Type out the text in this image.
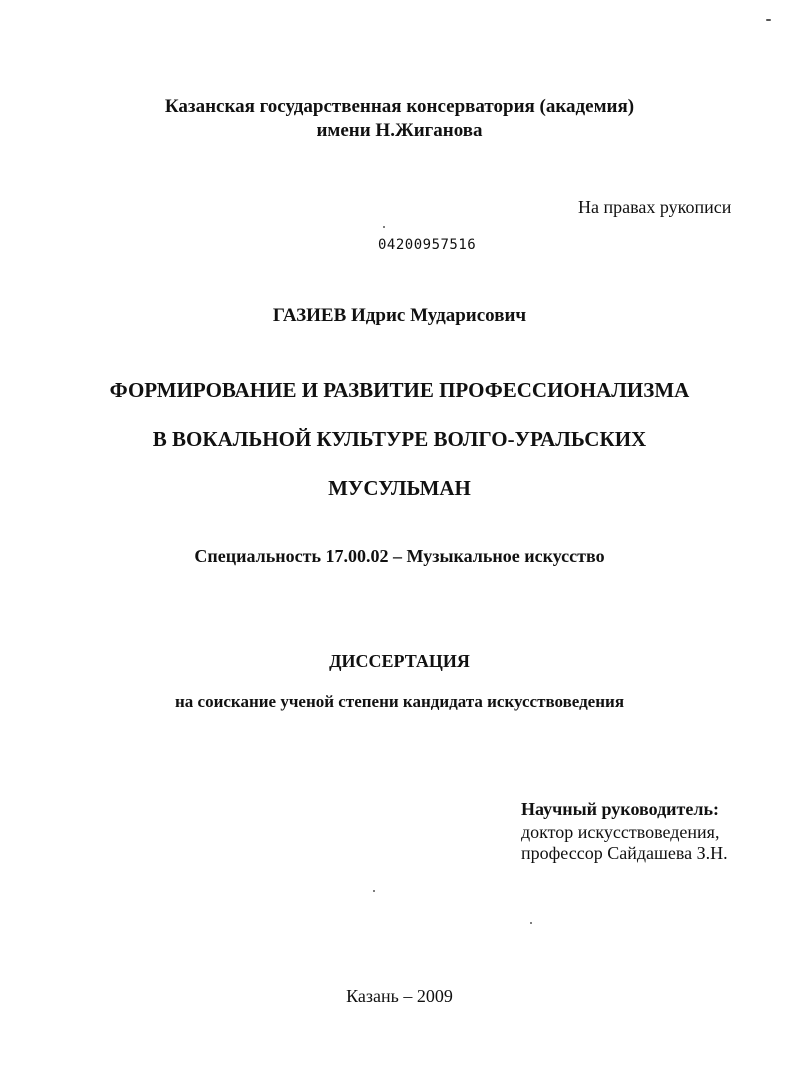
Казанская государственная консерватория (академия)
имени Н.Жиганова
На правах рукописи
04200957516
ГАЗИЕВ Идрис Мударисович
ФОРМИРОВАНИЕ И РАЗВИТИЕ ПРОФЕССИОНАЛИЗМА
В ВОКАЛЬНОЙ КУЛЬТУРЕ ВОЛГО-УРАЛЬСКИХ
МУСУЛЬМАН
Специальность 17.00.02 – Музыкальное искусство
ДИССЕРТАЦИЯ
на соискание ученой степени кандидата искусствоведения
Научный руководитель:
доктор искусствоведения,
профессор Сайдашева З.Н.
Казань – 2009
